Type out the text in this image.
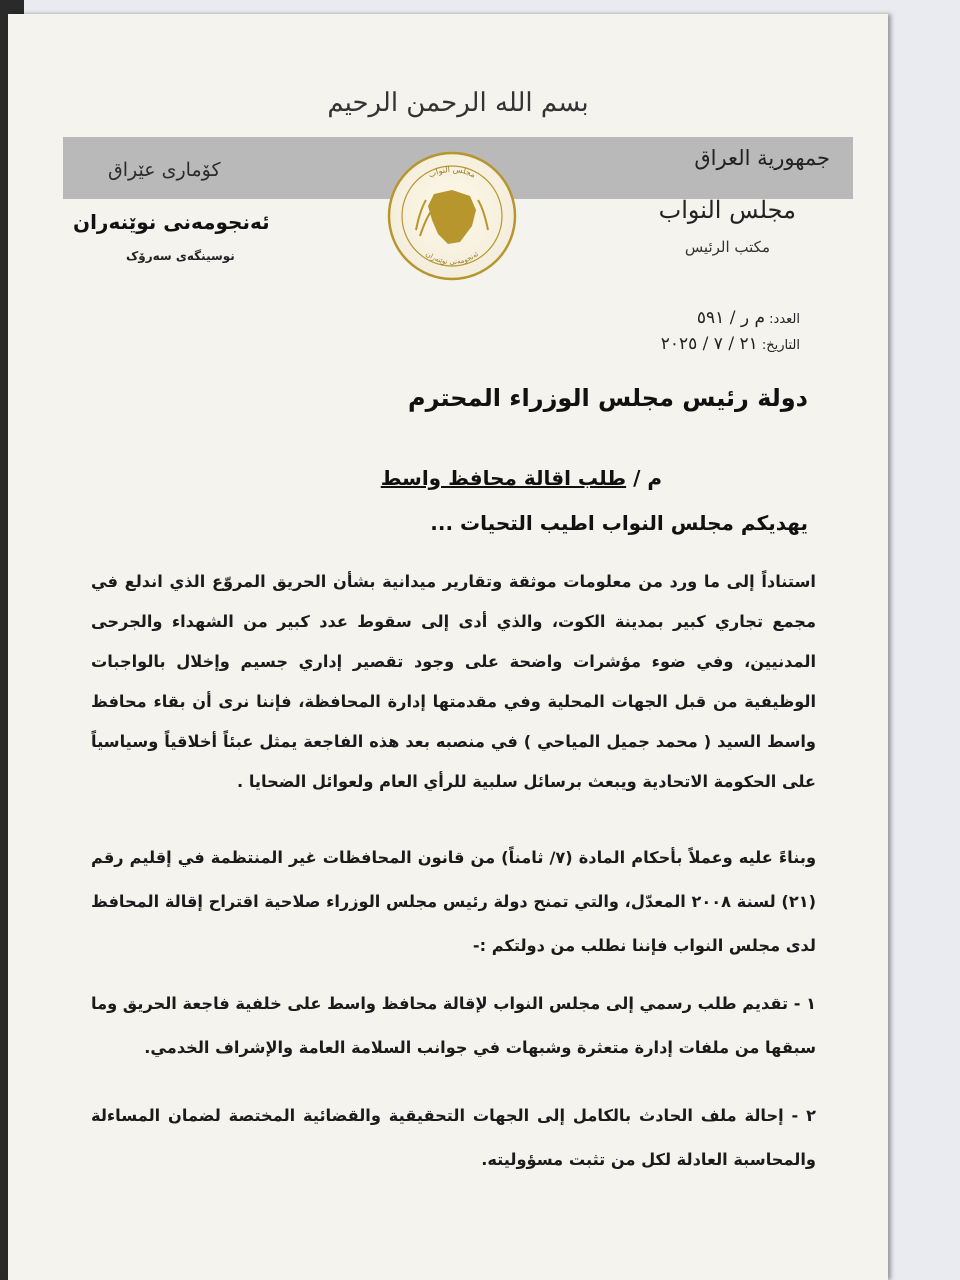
بسم الله الرحمن الرحيم
كۆماری عێراق	جمهورية العراق
مجلس النواب
مكتب الرئيس
ئەنجومەنی نوێنەران
نوسینگەی سەرۆک
مجلس النواب
ئەنجومەنی نوێنەران
العدد: م ر / ٥٩١
التاريخ: ٢١ / ٧ / ٢٠٢٥
دولة رئيس مجلس الوزراء المحترم
م / طلب اقالة محافظ واسط
يهديكم مجلس النواب اطيب التحيات ...
استناداً إلى ما ورد من معلومات موثقة وتقارير ميدانية بشأن الحريق المروّع الذي اندلع في مجمع تجاري كبير بمدينة الكوت، والذي أدى إلى سقوط عدد كبير من الشهداء والجرحى المدنيين، وفي ضوء مؤشرات واضحة على وجود تقصير إداري جسيم وإخلال بالواجبات الوظيفية من قبل الجهات المحلية وفي مقدمتها إدارة المحافظة، فإننا نرى أن بقاء محافظ واسط السيد ( محمد جميل المياحي ) في منصبه بعد هذه الفاجعة يمثل عبئاً أخلاقياً وسياسياً على الحكومة الاتحادية ويبعث برسائل سلبية للرأي العام ولعوائل الضحايا .
وبناءً عليه وعملاً بأحكام المادة (٧/ ثامناً) من قانون المحافظات غير المنتظمة في إقليم رقم (٢١) لسنة ٢٠٠٨ المعدّل، والتي تمنح دولة رئيس مجلس الوزراء صلاحية اقتراح إقالة المحافظ لدى مجلس النواب فإننا نطلب من دولتكم :-
١ - تقديم طلب رسمي إلى مجلس النواب لإقالة محافظ واسط على خلفية فاجعة الحريق وما سبقها من ملفات إدارة متعثرة وشبهات في جوانب السلامة العامة والإشراف الخدمي.
٢ - إحالة ملف الحادث بالكامل إلى الجهات التحقيقية والقضائية المختصة لضمان المساءلة والمحاسبة العادلة لكل من تثبت مسؤوليته.
